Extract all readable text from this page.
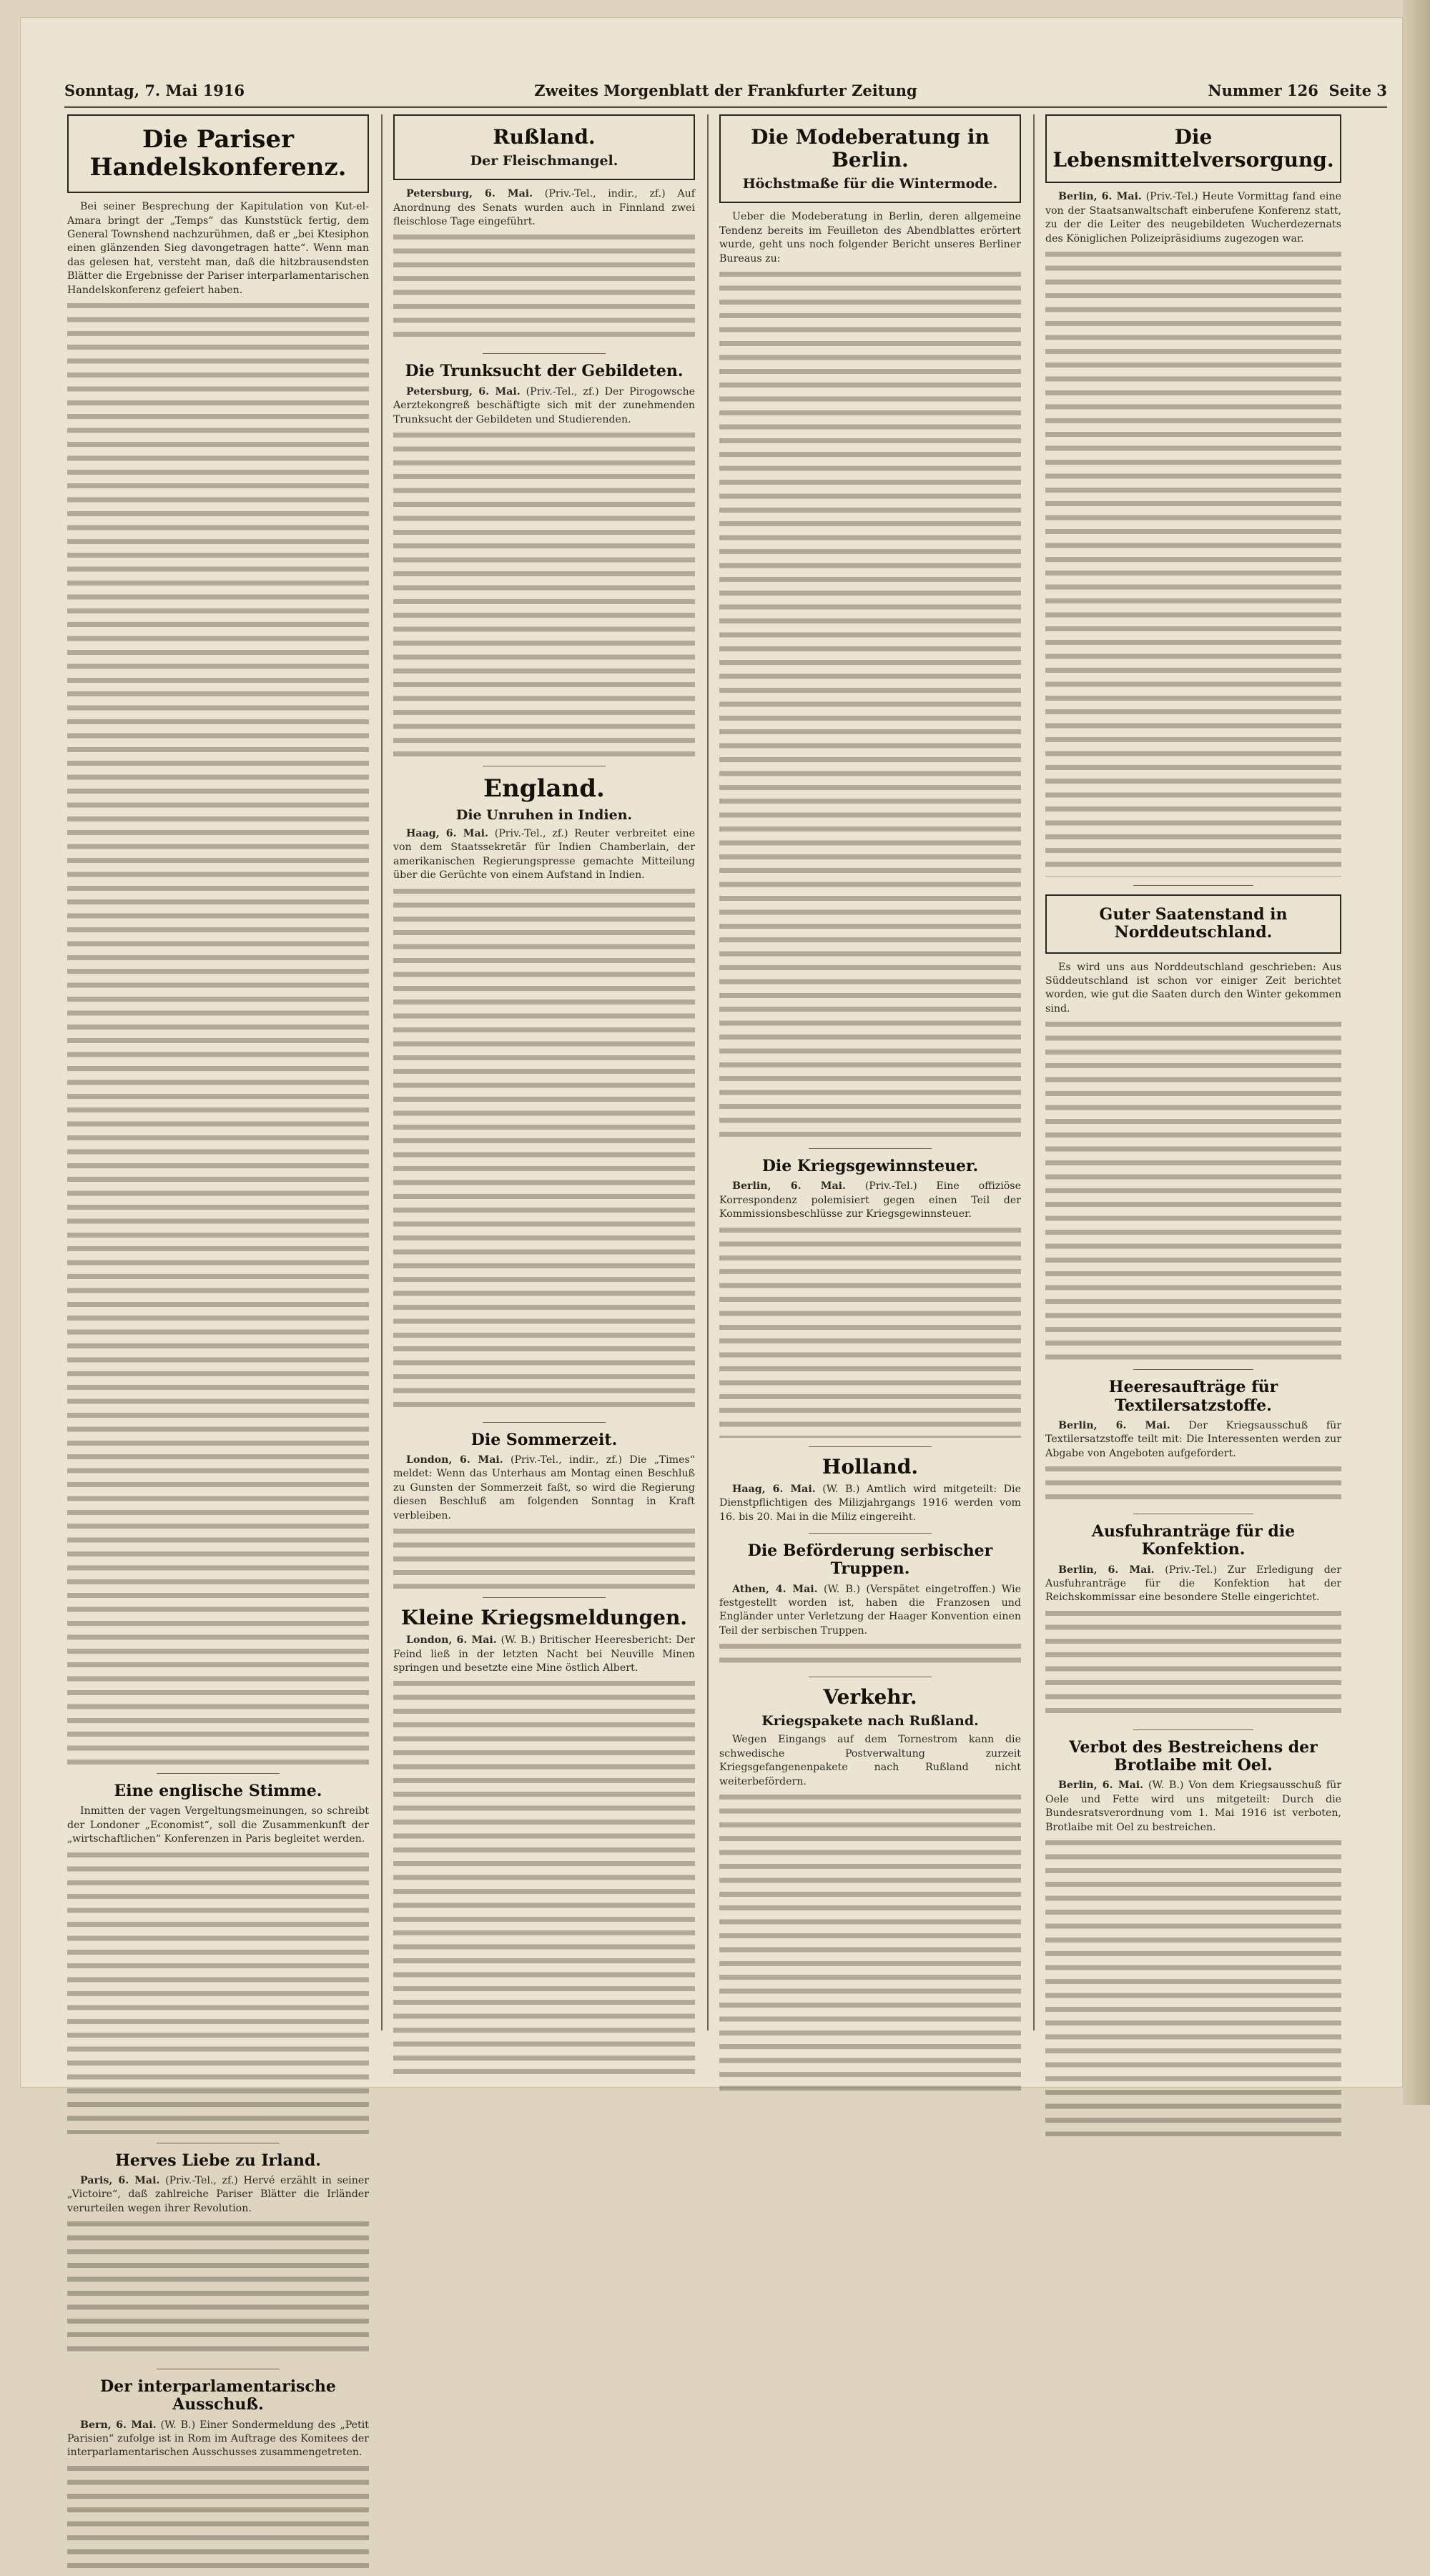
Sonntag, 7. Mai 1916	Zweites Morgenblatt der Frankfurter Zeitung	Nummer 126 Seite 3
Die Pariser Handelskonferenz.

Bei seiner Besprechung der Kapitulation von Kut-el-Amara bringt der „Temps“ das Kunststück fertig, dem General Townshend nachzurühmen, daß er „bei Ktesiphon einen glänzenden Sieg davongetragen hatte“. Wenn man das gelesen hat, versteht man, daß die hitzbrausendsten Blätter die Ergebnisse der Pariser interparlamentarischen Handelskonferenz gefeiert haben.

Eine englische Stimme.

Inmitten der vagen Vergeltungsmeinungen, so schreibt der Londoner „Economist“, soll die Zusammenkunft der „wirtschaftlichen“ Konferenzen in Paris begleitet werden.

Herves Liebe zu Irland.

Paris, 6. Mai. (Priv.-Tel., zf.) Hervé erzählt in seiner „Victoire“, daß zahlreiche Pariser Blätter die Irländer verurteilen wegen ihrer Revolution.

Der interparlamentarische Ausschuß.

Bern, 6. Mai. (W. B.) Einer Sondermeldung des „Petit Parisien“ zufolge ist in Rom im Auftrage des Komitees der interparlamentarischen Ausschusses zusammengetreten.

Rußland.
Der Fleischmangel.

Petersburg, 6. Mai. (Priv.-Tel., indir., zf.) Auf Anordnung des Senats wurden auch in Finnland zwei fleischlose Tage eingeführt.

Die Trunksucht der Gebildeten.

Petersburg, 6. Mai. (Priv.-Tel., zf.) Der Pirogowsche Aerztekongreß beschäftigte sich mit der zunehmenden Trunksucht der Gebildeten und Studierenden.

England.
Die Unruhen in Indien.

Haag, 6. Mai. (Priv.-Tel., zf.) Reuter verbreitet eine von dem Staatssekretär für Indien Chamberlain, der amerikanischen Regierungspresse gemachte Mitteilung über die Gerüchte von einem Aufstand in Indien.

Die Sommerzeit.

London, 6. Mai. (Priv.-Tel., indir., zf.) Die „Times“ meldet: Wenn das Unterhaus am Montag einen Beschluß zu Gunsten der Sommerzeit faßt, so wird die Regierung diesen Beschluß am folgenden Sonntag in Kraft verbleiben.

Kleine Kriegsmeldungen.

London, 6. Mai. (W. B.) Britischer Heeresbericht: Der Feind ließ in der letzten Nacht bei Neuville Minen springen und besetzte eine Mine östlich Albert.

Die Modeberatung in Berlin.
Höchstmaße für die Wintermode.

Ueber die Modeberatung in Berlin, deren allgemeine Tendenz bereits im Feuilleton des Abendblattes erörtert wurde, geht uns noch folgender Bericht unseres Berliner Bureaus zu:

Die Kriegsgewinnsteuer.

Berlin, 6. Mai. (Priv.-Tel.) Eine offiziöse Korrespondenz polemisiert gegen einen Teil der Kommissionsbeschlüsse zur Kriegsgewinnsteuer.

Holland.

Haag, 6. Mai. (W. B.) Amtlich wird mitgeteilt: Die Dienstpflichtigen des Milizjahrgangs 1916 werden vom 16. bis 20. Mai in die Miliz eingereiht.

Die Beförderung serbischer Truppen.

Athen, 4. Mai. (W. B.) (Verspätet eingetroffen.) Wie festgestellt worden ist, haben die Franzosen und Engländer unter Verletzung der Haager Konvention einen Teil der serbischen Truppen.

Verkehr.
Kriegspakete nach Rußland.

Wegen Eingangs auf dem Tornestrom kann die schwedische Postverwaltung zurzeit Kriegsgefangenenpakete nach Rußland nicht weiterbefördern.

Die Lebensmittelversorgung.

Berlin, 6. Mai. (Priv.-Tel.) Heute Vormittag fand eine von der Staatsanwaltschaft einberufene Konferenz statt, zu der die Leiter des neugebildeten Wucherdezernats des Königlichen Polizeipräsidiums zugezogen war.

Guter Saatenstand in Norddeutschland.

Es wird uns aus Norddeutschland geschrieben: Aus Süddeutschland ist schon vor einiger Zeit berichtet worden, wie gut die Saaten durch den Winter gekommen sind.

Heeresaufträge für Textilersatzstoffe.

Berlin, 6. Mai. Der Kriegsausschuß für Textilersatzstoffe teilt mit: Die Interessenten werden zur Abgabe von Angeboten aufgefordert.

Ausfuhranträge für die Konfektion.

Berlin, 6. Mai. (Priv.-Tel.) Zur Erledigung der Ausfuhranträge für die Konfektion hat der Reichskommissar eine besondere Stelle eingerichtet.

Verbot des Bestreichens der Brotlaibe mit Oel.

Berlin, 6. Mai. (W. B.) Von dem Kriegsausschuß für Oele und Fette wird uns mitgeteilt: Durch die Bundesratsverordnung vom 1. Mai 1916 ist verboten, Brotlaibe mit Oel zu bestreichen.
